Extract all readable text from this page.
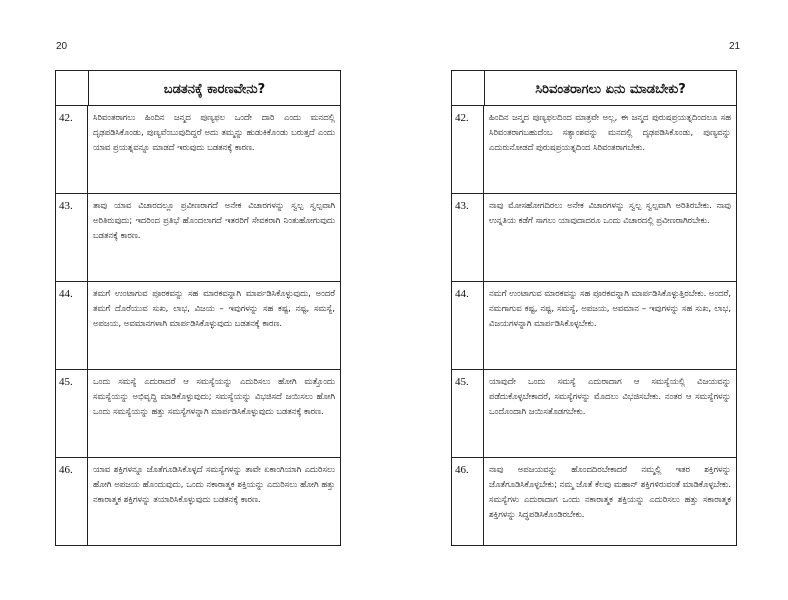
20	21
ಬಡತನಕ್ಕೆ ಕಾರಣವೇನು?
42.	ಸಿರಿವಂತರಾಗಲು ಹಿಂದಿನ ಜನ್ಮದ ಪುಣ್ಯಫಲ ಒಂದೇ ದಾರಿ ಎಂದು ಮನದಲ್ಲಿ ದೃಢಪಡಿಸಿಕೊಂಡು, ಪುಣ್ಯವೆಂಬುವುದಿದ್ದರೆ ಅದು ತಮ್ಮನ್ನು ಹುಡುಕಿಕೊಂಡು ಬರುತ್ತದೆ ಎಂದು ಯಾವ ಪ್ರಯತ್ನವನ್ನೂ ಮಾಡದೆ ಇರುವುದು ಬಡತನಕ್ಕೆ ಕಾರಣ.
43.	ತಾವು ಯಾವ ವಿಚಾರದಲ್ಲೂ ಪ್ರವೀಣರಾಗದೆ ಅನೇಕ ವಿಚಾರಗಳನ್ನು ಸ್ವಲ್ಪ ಸ್ವಲ್ಪವಾಗಿ ಅರಿತಿರುವುದು; ಇದರಿಂದ ಪ್ರತಿಭೆ ಹೊಂದಲಾಗದೆ ಇತರರಿಗೆ ಸೇವಕರಾಗಿ ನಿಂತುಹೋಗುವುದು ಬಡತನಕ್ಕೆ ಕಾರಣ.
44.	ತಮಗೆ ಉಂಟಾಗುವ ಪೂರಕವನ್ನು ಸಹ ಮಾರಕವನ್ನಾಗಿ ಮಾರ್ಪಡಿಸಿಕೊಳ್ಳುವುದು, ಅಂದರೆ ತಮಗೆ ದೊರೆಯುವ ಸುಖ, ಲಾಭ, ವಿಜಯ – ಇವುಗಳನ್ನು ಸಹ ಕಷ್ಟ, ನಷ್ಟ, ಸಮಸ್ಯೆ, ಅಪಜಯ, ಅವಮಾನಗಳಾಗಿ ಮಾರ್ಪಡಿಸಿಕೊಳ್ಳುವುದು ಬಡತನಕ್ಕೆ ಕಾರಣ.
45.	ಒಂದು ಸಮಸ್ಯೆ ಎದುರಾದರೆ ಆ ಸಮಸ್ಯೆಯನ್ನು ಎದುರಿಸಲು ಹೋಗಿ ಮತ್ತೊಂದು ಸಮಸ್ಯೆಯನ್ನು ಅಭಿವೃದ್ಧಿ ಮಾಡಿಕೊಳ್ಳುವುದು; ಸಮಸ್ಯೆಯನ್ನು ವಿಭಜಿಸದೆ ಜಯಿಸಲು ಹೋಗಿ ಒಂದು ಸಮಸ್ಯೆಯನ್ನು ಹತ್ತು ಸಮಸ್ಯೆಗಳನ್ನಾಗಿ ಮಾರ್ಪಡಿಸಿಕೊಳ್ಳುವುದು ಬಡತನಕ್ಕೆ ಕಾರಣ.
46.	ಯಾವ ಶಕ್ತಿಗಳನ್ನೂ ಜೊತೆಗೂಡಿಸಿಕೊಳ್ಳದೆ ಸಮಸ್ಯೆಗಳನ್ನು ತಾವೇ ಏಕಾಂಗಿಯಾಗಿ ಎದುರಿಸಲು ಹೋಗಿ ಅಪಜಯ ಹೊಂದುವುದು, ಒಂದು ನಕಾರಾತ್ಮಕ ಶಕ್ತಿಯನ್ನು ಎದುರಿಸಲು ಹೋಗಿ ಹತ್ತು ನಕಾರಾತ್ಮಕ ಶಕ್ತಿಗಳನ್ನು ತಯಾರಿಸಿಕೊಳ್ಳುವುದು ಬಡತನಕ್ಕೆ ಕಾರಣ.
ಸಿರಿವಂತರಾಗಲು ಏನು ಮಾಡಬೇಕು?
42.	ಹಿಂದಿನ ಜನ್ಮದ ಪುಣ್ಯಫಲದಿಂದ ಮಾತ್ರವೇ ಅಲ್ಲ, ಈ ಜನ್ಮದ ಪುರುಷಪ್ರಯತ್ನದಿಂದಲೂ ಸಹ ಸಿರಿವಂತರಾಗಬಹುದೆಂಬ ಸತ್ಯಾಂಶವನ್ನು ಮನದಲ್ಲಿ ದೃಢಪಡಿಸಿಕೊಂಡು, ಪುಣ್ಯವನ್ನು ಎದುರುನೋಡದೆ ಪುರುಷಪ್ರಯತ್ನದಿಂದ ಸಿರಿವಂತರಾಗಬೇಕು.
43.	ನಾವು ಮೋಸಹೋಗದಿರಲು ಅನೇಕ ವಿಚಾರಗಳನ್ನು ಸ್ವಲ್ಪ ಸ್ವಲ್ಪವಾಗಿ ಅರಿತಿರಬೇಕು. ನಾವು ಉನ್ನತಿಯ ಕಡೆಗೆ ಸಾಗಲು ಯಾವುದಾದರೂ ಒಂದು ವಿಚಾರದಲ್ಲಿ ಪ್ರವೀಣರಾಗಿರಬೇಕು.
44.	ನಮಗೆ ಉಂಟಾಗುವ ಮಾರಕವನ್ನು ಸಹ ಪೂರಕವನ್ನಾಗಿ ಮಾರ್ಪಡಿಸಿಕೊಳ್ಳುತ್ತಿರಬೇಕು. ಅಂದರೆ, ನಮಗಾಗುವ ಕಷ್ಟ, ನಷ್ಟ, ಸಮಸ್ಯೆ, ಅಪಜಯ, ಅವಮಾನ – ಇವುಗಳನ್ನು ಸಹ ಸುಖ, ಲಾಭ, ವಿಜಯಗಳನ್ನಾಗಿ ಮಾರ್ಪಡಿಸಿಕೊಳ್ಳಬೇಕು.
45.	ಯಾವುದೇ ಒಂದು ಸಮಸ್ಯೆ ಎದುರಾದಾಗ ಆ ಸಮಸ್ಯೆಯಲ್ಲಿ ವಿಜಯವನ್ನು ಪಡೆದುಕೊಳ್ಳಬೇಕಾದರೆ, ಸಮಸ್ಯೆಗಳನ್ನು ಮೊದಲು ವಿಭಜಿಸಬೇಕು. ನಂತರ ಆ ಸಮಸ್ಯೆಗಳನ್ನು ಒಂದೊಂದಾಗಿ ಜಯಿಸತೊಡಗಬೇಕು.
46.	ನಾವು ಅಪಜಯವನ್ನು ಹೊಂದದಿರಬೇಕಾದರೆ ನಮ್ಮಲ್ಲಿ ಇತರ ಶಕ್ತಿಗಳನ್ನು ಜೊತೆಗೂಡಿಸಿಕೊಳ್ಳಬೇಕು; ನಮ್ಮ ಜೊತೆ ಕೆಲವು ಮಹಾನ್ ಶಕ್ತಿಗಳಿರುವಂತೆ ಮಾಡಿಕೊಳ್ಳಬೇಕು. ಸಮಸ್ಯೆಗಳು ಎದುರಾದಾಗ ಒಂದು ನಕಾರಾತ್ಮಕ ಶಕ್ತಿಯನ್ನು ಎದುರಿಸಲು ಹತ್ತು ಸಕಾರಾತ್ಮಕ ಶಕ್ತಿಗಳನ್ನು ಸಿದ್ಧಪಡಿಸಿಕೊಂಡಿರಬೇಕು.
